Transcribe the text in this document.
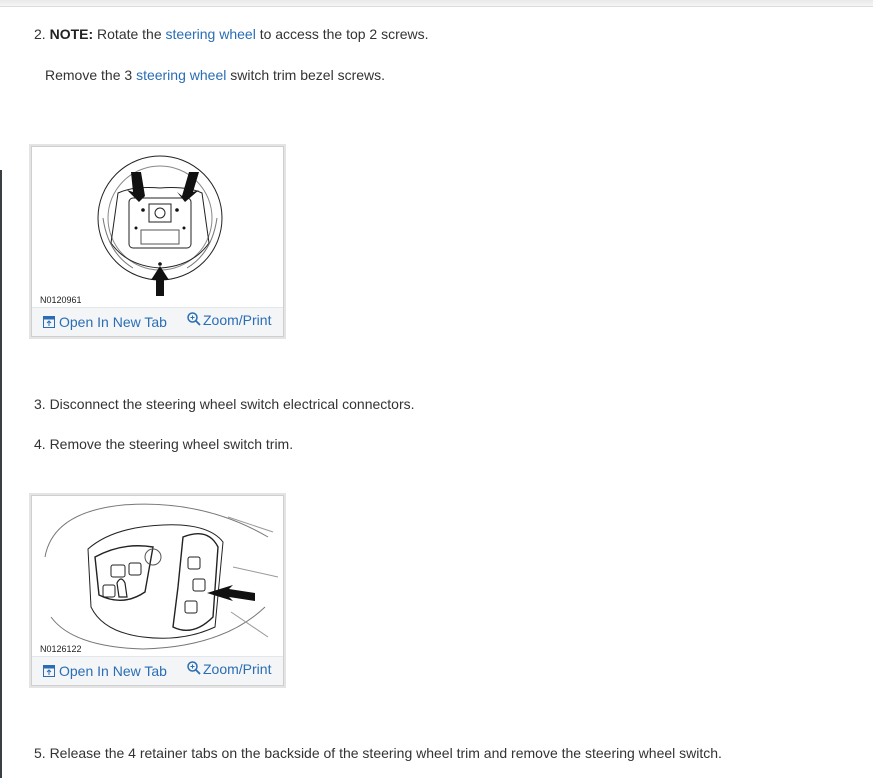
2. NOTE: Rotate the steering wheel to access the top 2 screws.
Remove the 3 steering wheel switch trim bezel screws.
N0120961
Open In New Tab	Zoom/Print
3. Disconnect the steering wheel switch electrical connectors.
4. Remove the steering wheel switch trim.
N0126122
Open In New Tab	Zoom/Print
5. Release the 4 retainer tabs on the backside of the steering wheel trim and remove the steering wheel switch.
